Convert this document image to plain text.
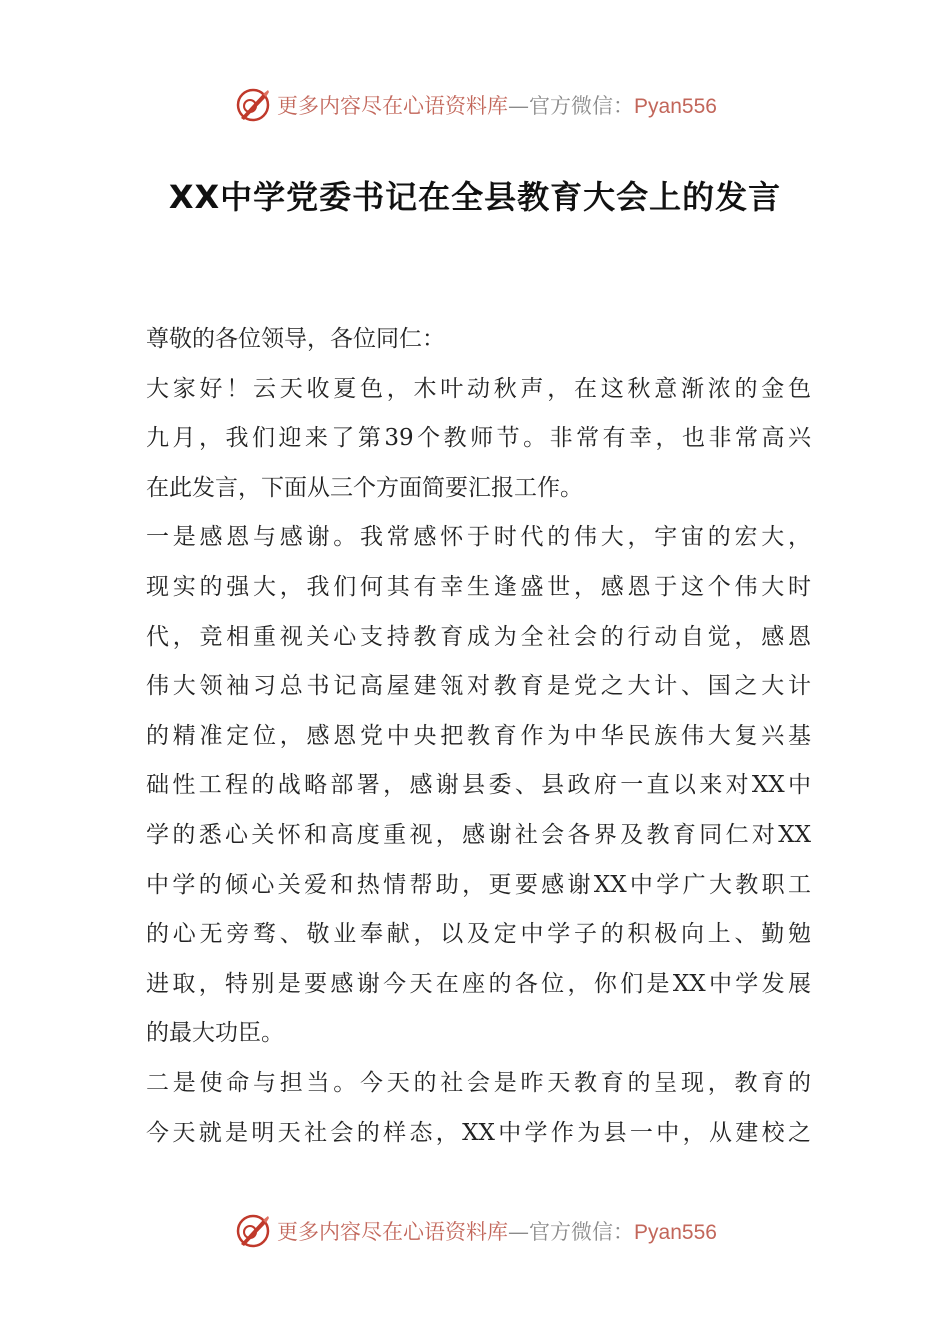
更多内容尽在心语资料库—官方微信：Pyan556
XX中学党委书记在全县教育大会上的发言
尊敬的各位领导，各位同仁：
大家好！云天收夏色，木叶动秋声，在这秋意渐浓的金色
九月，我们迎来了第39个教师节。非常有幸，也非常高兴
在此发言，下面从三个方面简要汇报工作。
一是感恩与感谢。我常感怀于时代的伟大，宇宙的宏大，
现实的强大，我们何其有幸生逢盛世，感恩于这个伟大时
代，竞相重视关心支持教育成为全社会的行动自觉，感恩
伟大领袖习总书记高屋建瓴对教育是党之大计、国之大计
的精准定位，感恩党中央把教育作为中华民族伟大复兴基
础性工程的战略部署，感谢县委、县政府一直以来对XX中
学的悉心关怀和高度重视，感谢社会各界及教育同仁对XX
中学的倾心关爱和热情帮助，更要感谢XX中学广大教职工
的心无旁骛、敬业奉献，以及定中学子的积极向上、勤勉
进取，特别是要感谢今天在座的各位，你们是XX中学发展
的最大功臣。
二是使命与担当。今天的社会是昨天教育的呈现，教育的
今天就是明天社会的样态，XX中学作为县一中，从建校之
更多内容尽在心语资料库—官方微信：Pyan556
